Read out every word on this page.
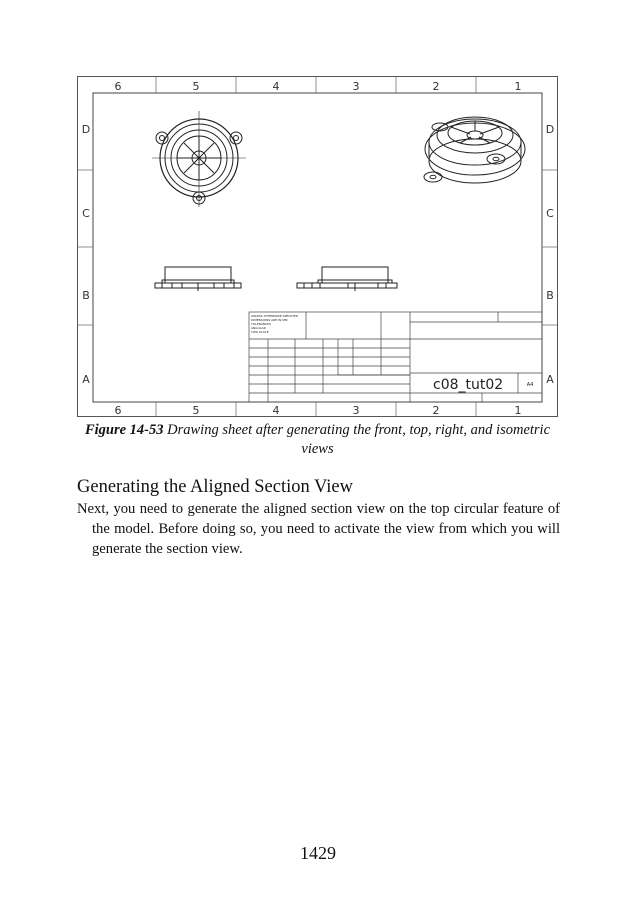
6	5	4	3	2	1
6	5	4	3	2	1
D
C
B
A
D
C
B
A
UNLESS OTHERWISE SPECIFIED
DIMENSIONS ARE IN MM
TOLERANCES
ANGULAR
TWO PLACE
c08_tut02	A4
Figure 14-53 Drawing sheet after generating the front, top, right, and isometric views
Generating the Aligned Section View

Next, you need to generate the aligned section view on the top circular feature of the model. Before doing so, you need to activate the view from which you will generate the section view.

1429
